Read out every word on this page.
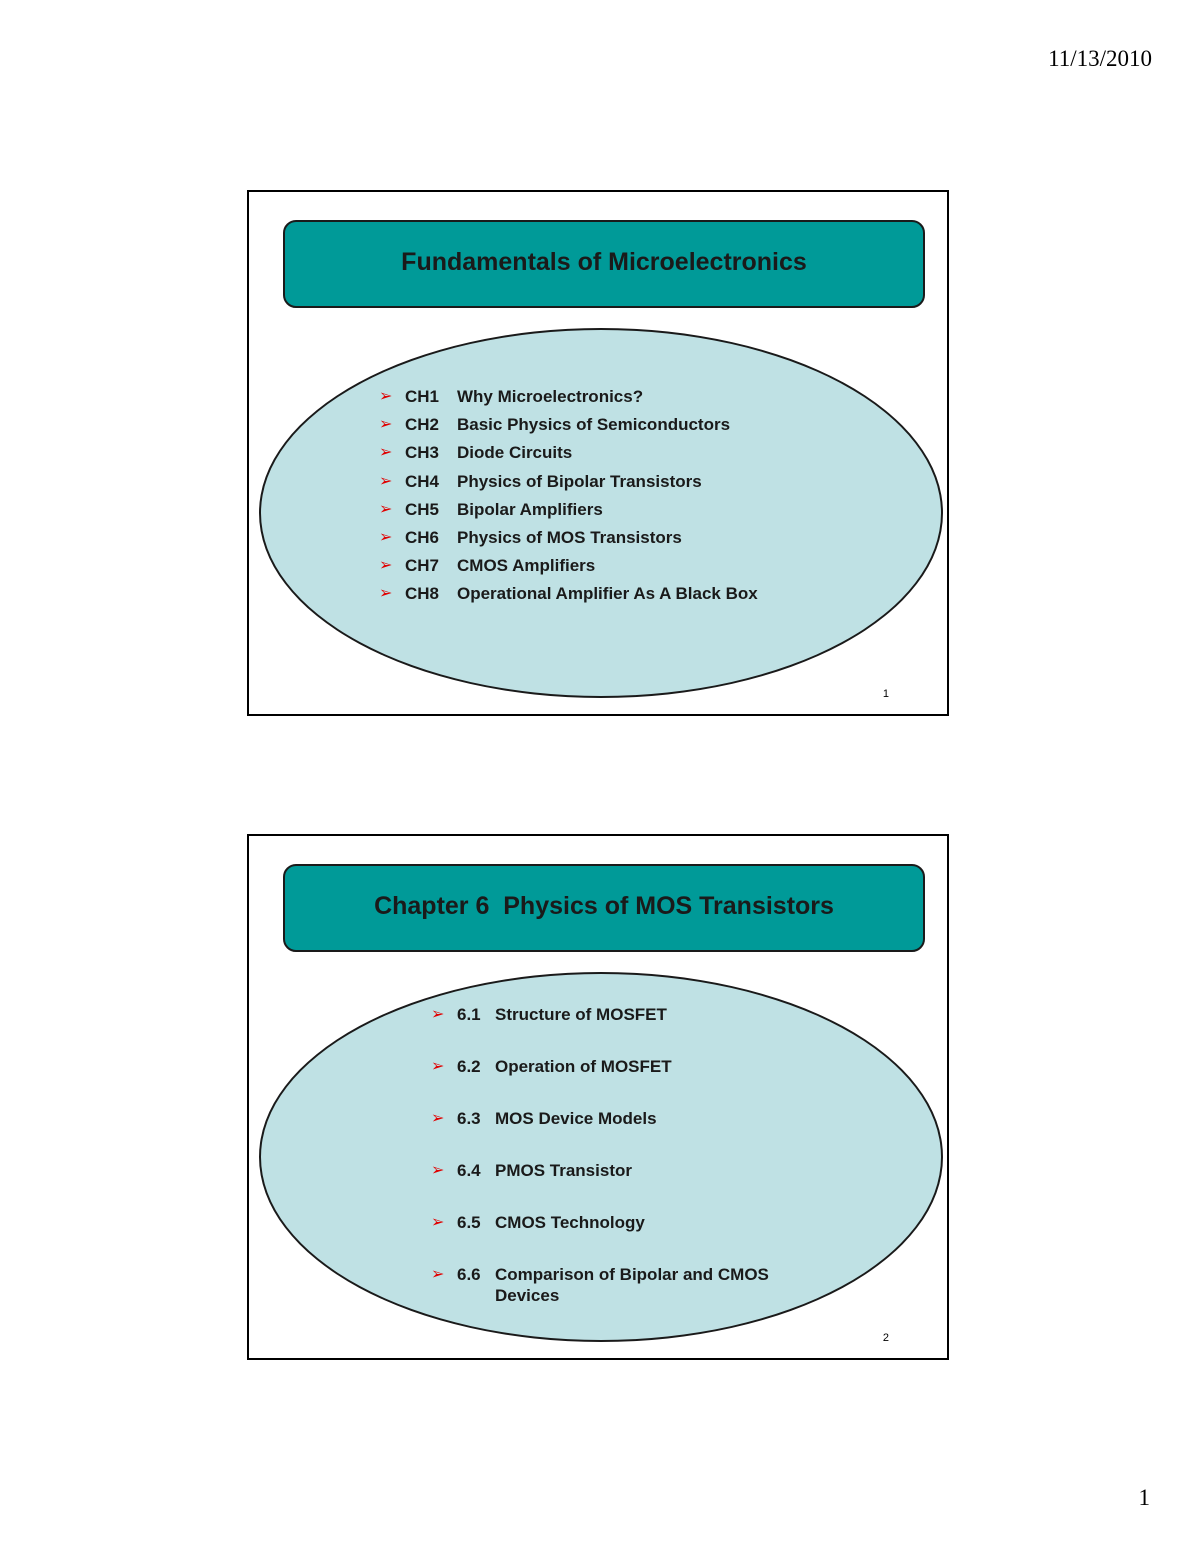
11/13/2010
Fundamentals of Microelectronics
➢ CH1	Why Microelectronics?
➢ CH2	Basic Physics of Semiconductors
➢ CH3	Diode Circuits
➢ CH4	Physics of Bipolar Transistors
➢ CH5	Bipolar Amplifiers
➢ CH6	Physics of MOS Transistors
➢ CH7	CMOS Amplifiers
➢ CH8	Operational Amplifier As A Black Box
1
Chapter 6  Physics of MOS Transistors
➢ 6.1 Structure of MOSFET
➢ 6.2 Operation of MOSFET
➢ 6.3 MOS Device Models
➢ 6.4 PMOS Transistor
➢ 6.5 CMOS Technology
➢ 6.6 Comparison of Bipolar and CMOS Devices
2
1
